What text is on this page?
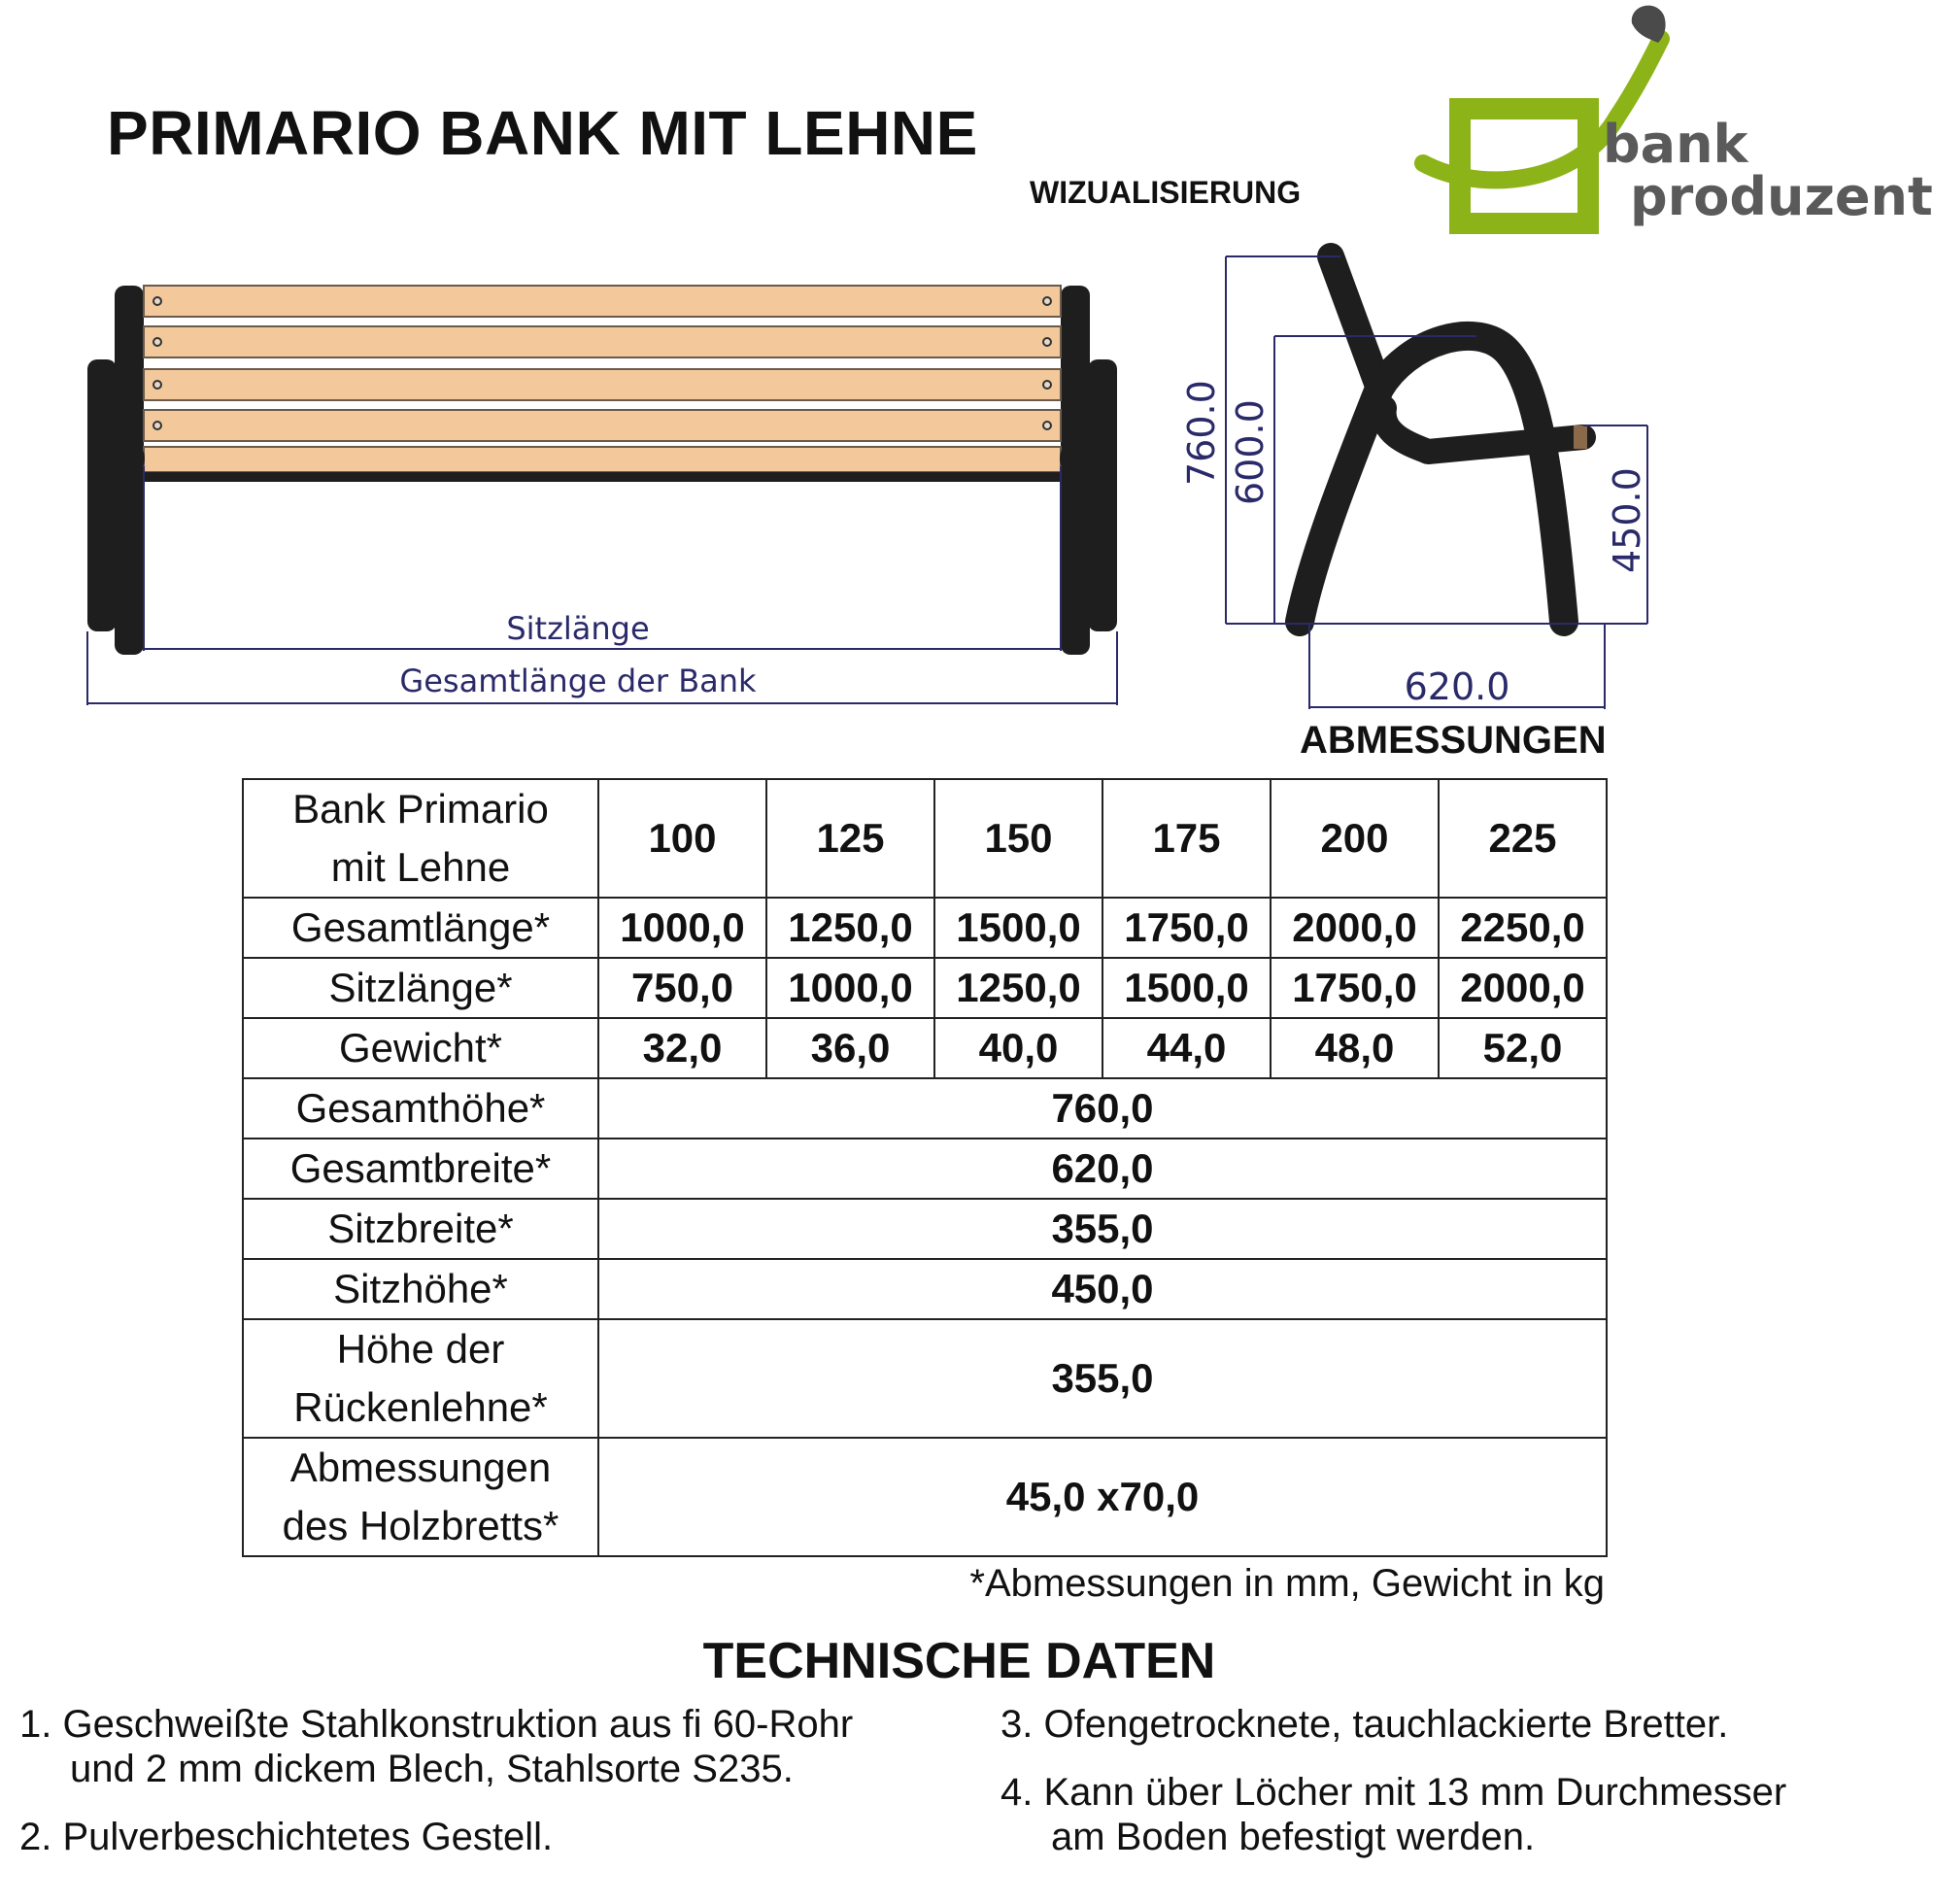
PRIMARIO BANK MIT LEHNE
WIZUALISIERUNG
bank
produzent
Sitzlänge
Gesamtlänge der Bank
760.0 600.0
450.0
620.0
ABMESSUNGEN
Bank Primario
mit Lehne	100	125	150	175	200	225
Gesamtlänge*	1000,0	1250,0	1500,0	1750,0	2000,0	2250,0
Sitzlänge*	750,0	1000,0	1250,0	1500,0	1750,0	2000,0
Gewicht*	32,0	36,0	40,0	44,0	48,0	52,0
Gesamthöhe*	760,0					
Gesamtbreite*	620,0					
Sitzbreite*	355,0					
Sitzhöhe*	450,0					
Höhe der
Rückenlehne*	355,0					
Abmessungen
des Holzbretts*	45,0 x70,0					
*Abmessungen in mm, Gewicht in kg
TECHNISCHE DATEN
1. Geschweißte Stahlkonstruktion aus fi 60-Rohr
und 2 mm dickem Blech, Stahlsorte S235.
2. Pulverbeschichtetes Gestell.
3. Ofengetrocknete, tauchlackierte Bretter.
4. Kann über Löcher mit 13 mm Durchmesser
am Boden befestigt werden.
